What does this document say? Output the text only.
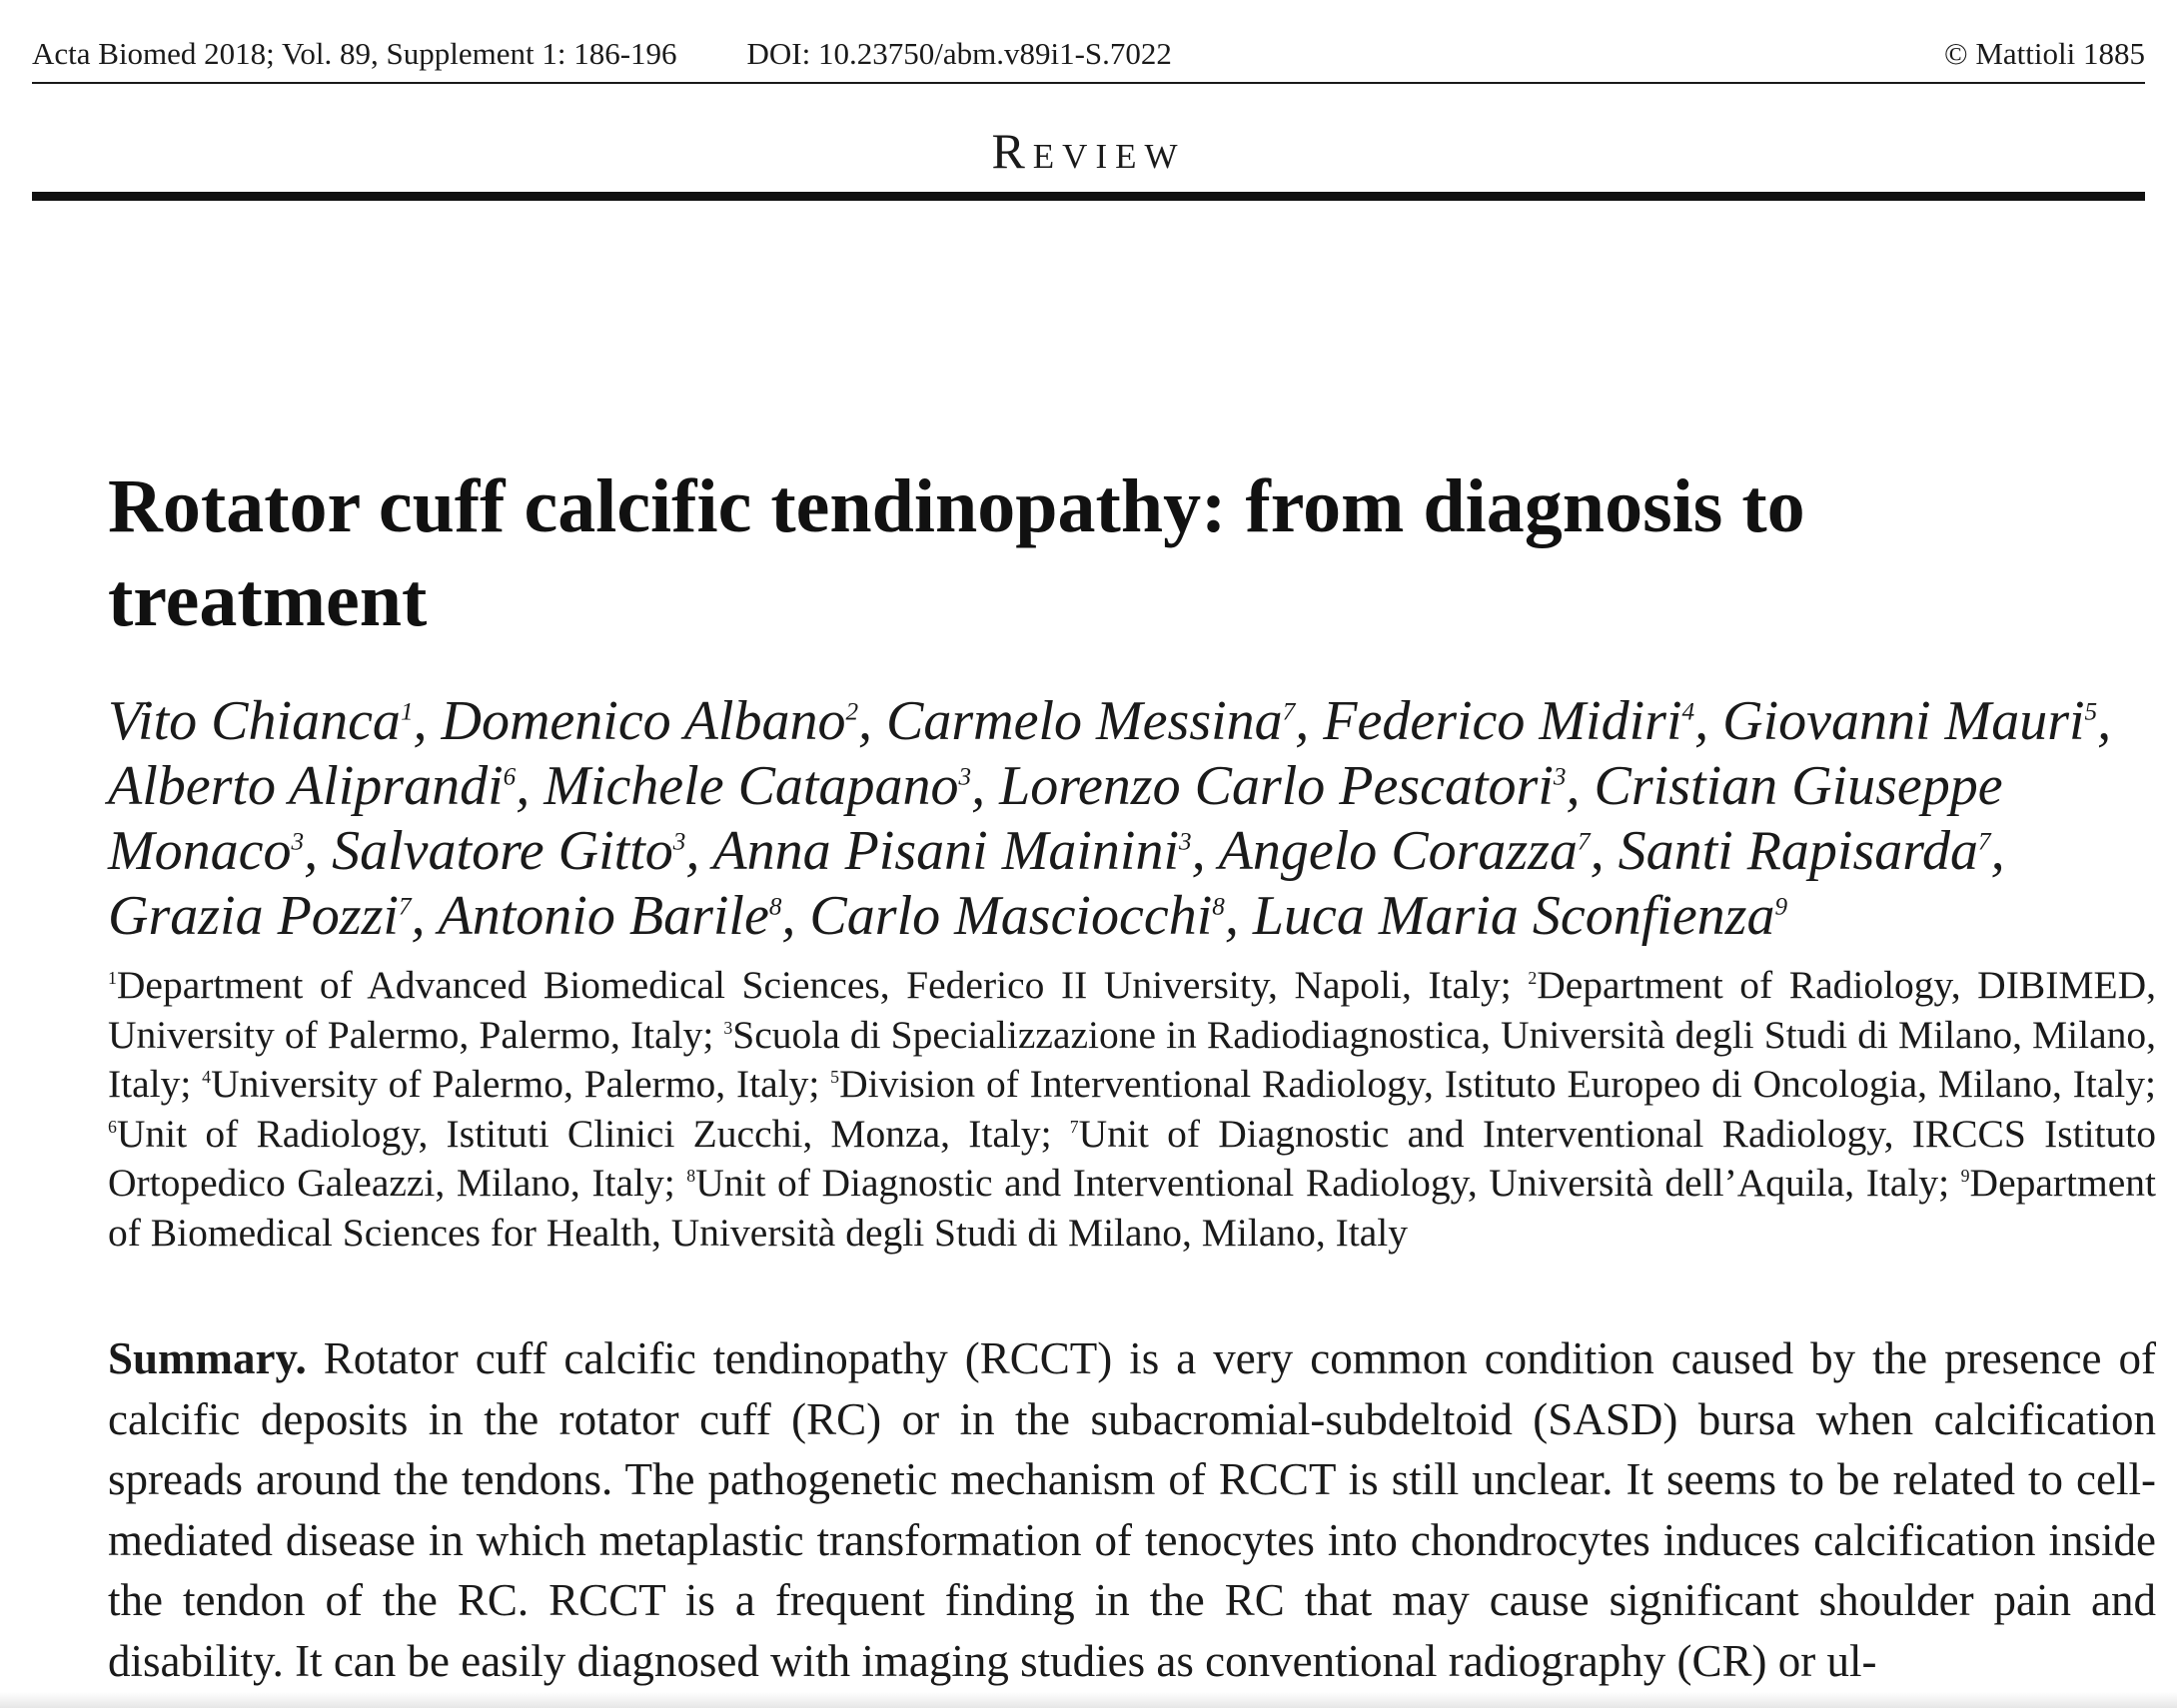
Acta Biomed 2018; Vol. 89, Supplement 1: 186-196 DOI: 10.23750/abm.v89i1-S.7022	© Mattioli 1885
Review
Rotator cuff calcific tendinopathy: from diagnosis to treatment

Vito Chianca$^1$, Domenico Albano$^2$, Carmelo Messina$^7$, Federico Midiri$^4$, Giovanni Mauri$^5$, Alberto Aliprandi$^6$, Michele Catapano$^3$, Lorenzo Carlo Pescatori$^3$, Cristian Giuseppe Monaco$^3$, Salvatore Gitto$^3$, Anna Pisani Mainini$^3$, Angelo Corazza$^7$, Santi Rapisarda$^7$, Grazia Pozzi$^7$, Antonio Barile$^8$, Carlo Masciocchi$^8$, Luca Maria Sconfienza$^9$

$^1$Department of Advanced Biomedical Sciences, Federico II University, Napoli, Italy; $^2$Department of Radiology, DIBIMED, University of Palermo, Palermo, Italy; $^3$Scuola di Specializzazione in Radiodiagnostica, Università degli Studi di Milano, Milano, Italy; $^4$University of Palermo, Palermo, Italy; $^5$Division of Interventional Radiology, Istituto Europeo di Oncologia, Milano, Italy; $^6$Unit of Radiology, Istituti Clinici Zucchi, Monza, Italy; $^7$Unit of Diagnostic and Interventional Radiology, IRCCS Istituto Ortopedico Galeazzi, Milano, Italy; $^8$Unit of Diagnostic and Interventional Radiology, Università dell’Aquila, Italy; $^9$Department of Biomedical Sciences for Health, Università degli Studi di Milano, Milano, Italy

Summary. Rotator cuff calcific tendinopathy (RCCT) is a very common condition caused by the presence of calcific deposits in the rotator cuff (RC) or in the subacromial-subdeltoid (SASD) bursa when calcification spreads around the tendons. The pathogenetic mechanism of RCCT is still unclear. It seems to be related to cell-mediated disease in which metaplastic transformation of tenocytes into chondrocytes induces calcification inside the tendon of the RC. RCCT is a frequent finding in the RC that may cause significant shoulder pain and disability. It can be easily diagnosed with imaging studies as conventional radiography (CR) or ul-
